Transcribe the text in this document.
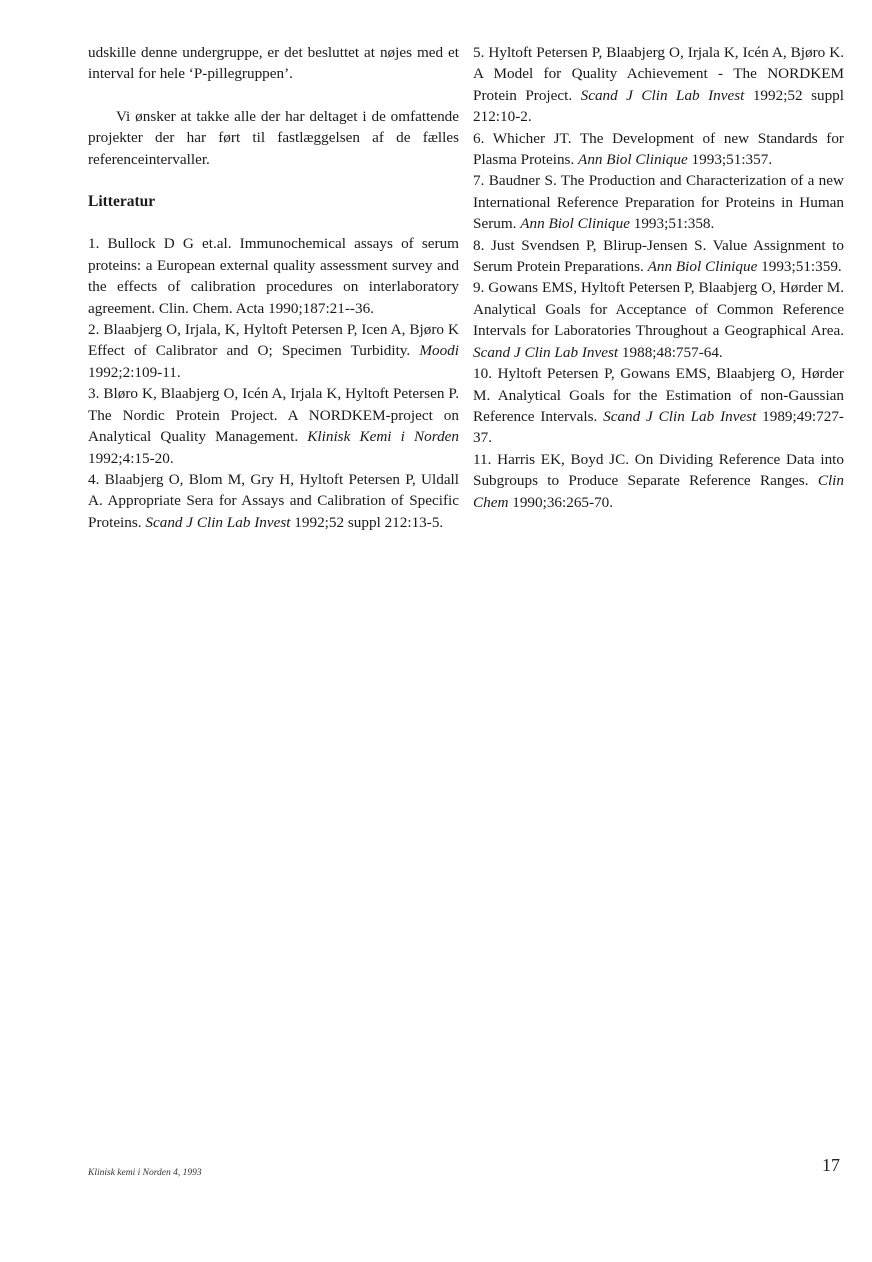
udskille denne undergruppe, er det besluttet at nøjes med et interval for hele ‘P-pillegruppen’.

Vi ønsker at takke alle der har deltaget i de omfattende projekter der har ført til fastlæggelsen af de fælles referenceintervaller.

Litteratur

1. Bullock D G et.al. Immunochemical assays of serum proteins: a European external quality assessment survey and the effects of calibration procedures on interlaboratory agreement. Clin. Chem. Acta 1990;187:21--36.

2. Blaabjerg O, Irjala, K, Hyltoft Petersen P, Icen A, Bjøro K Effect of Calibrator and O; Specimen Turbidity. Moodi 1992;2:109-11.

3. Bløro K, Blaabjerg O, Icén A, Irjala K, Hyltoft Petersen P. The Nordic Protein Project. A NORDKEM-project on Analytical Quality Management. Klinisk Kemi i Norden 1992;4:15-20.

4. Blaabjerg O, Blom M, Gry H, Hyltoft Petersen P, Uldall A. Appropriate Sera for Assays and Calibration of Specific Proteins. Scand J Clin Lab Invest 1992;52 suppl 212:13-5.

5. Hyltoft Petersen P, Blaabjerg O, Irjala K, Icén A, Bjøro K. A Model for Quality Achievement - The NORDKEM Protein Project. Scand J Clin Lab Invest 1992;52 suppl 212:10-2.

6. Whicher JT. The Development of new Standards for Plasma Proteins. Ann Biol Clinique 1993;51:357.

7. Baudner S. The Production and Characterization of a new International Reference Preparation for Proteins in Human Serum. Ann Biol Clinique 1993;51:358.

8. Just Svendsen P, Blirup-Jensen S. Value Assignment to Serum Protein Preparations. Ann Biol Clinique 1993;51:359.

9. Gowans EMS, Hyltoft Petersen P, Blaabjerg O, Hørder M. Analytical Goals for Acceptance of Common Reference Intervals for Laboratories Throughout a Geographical Area. Scand J Clin Lab Invest 1988;48:757-64.

10. Hyltoft Petersen P, Gowans EMS, Blaabjerg O, Hørder M. Analytical Goals for the Estimation of non-Gaussian Reference Intervals. Scand J Clin Lab Invest 1989;49:727-37.

11. Harris EK, Boyd JC. On Dividing Reference Data into Subgroups to Produce Separate Reference Ranges. Clin Chem 1990;36:265-70.

Klinisk kemi i Norden 4, 1993	17
